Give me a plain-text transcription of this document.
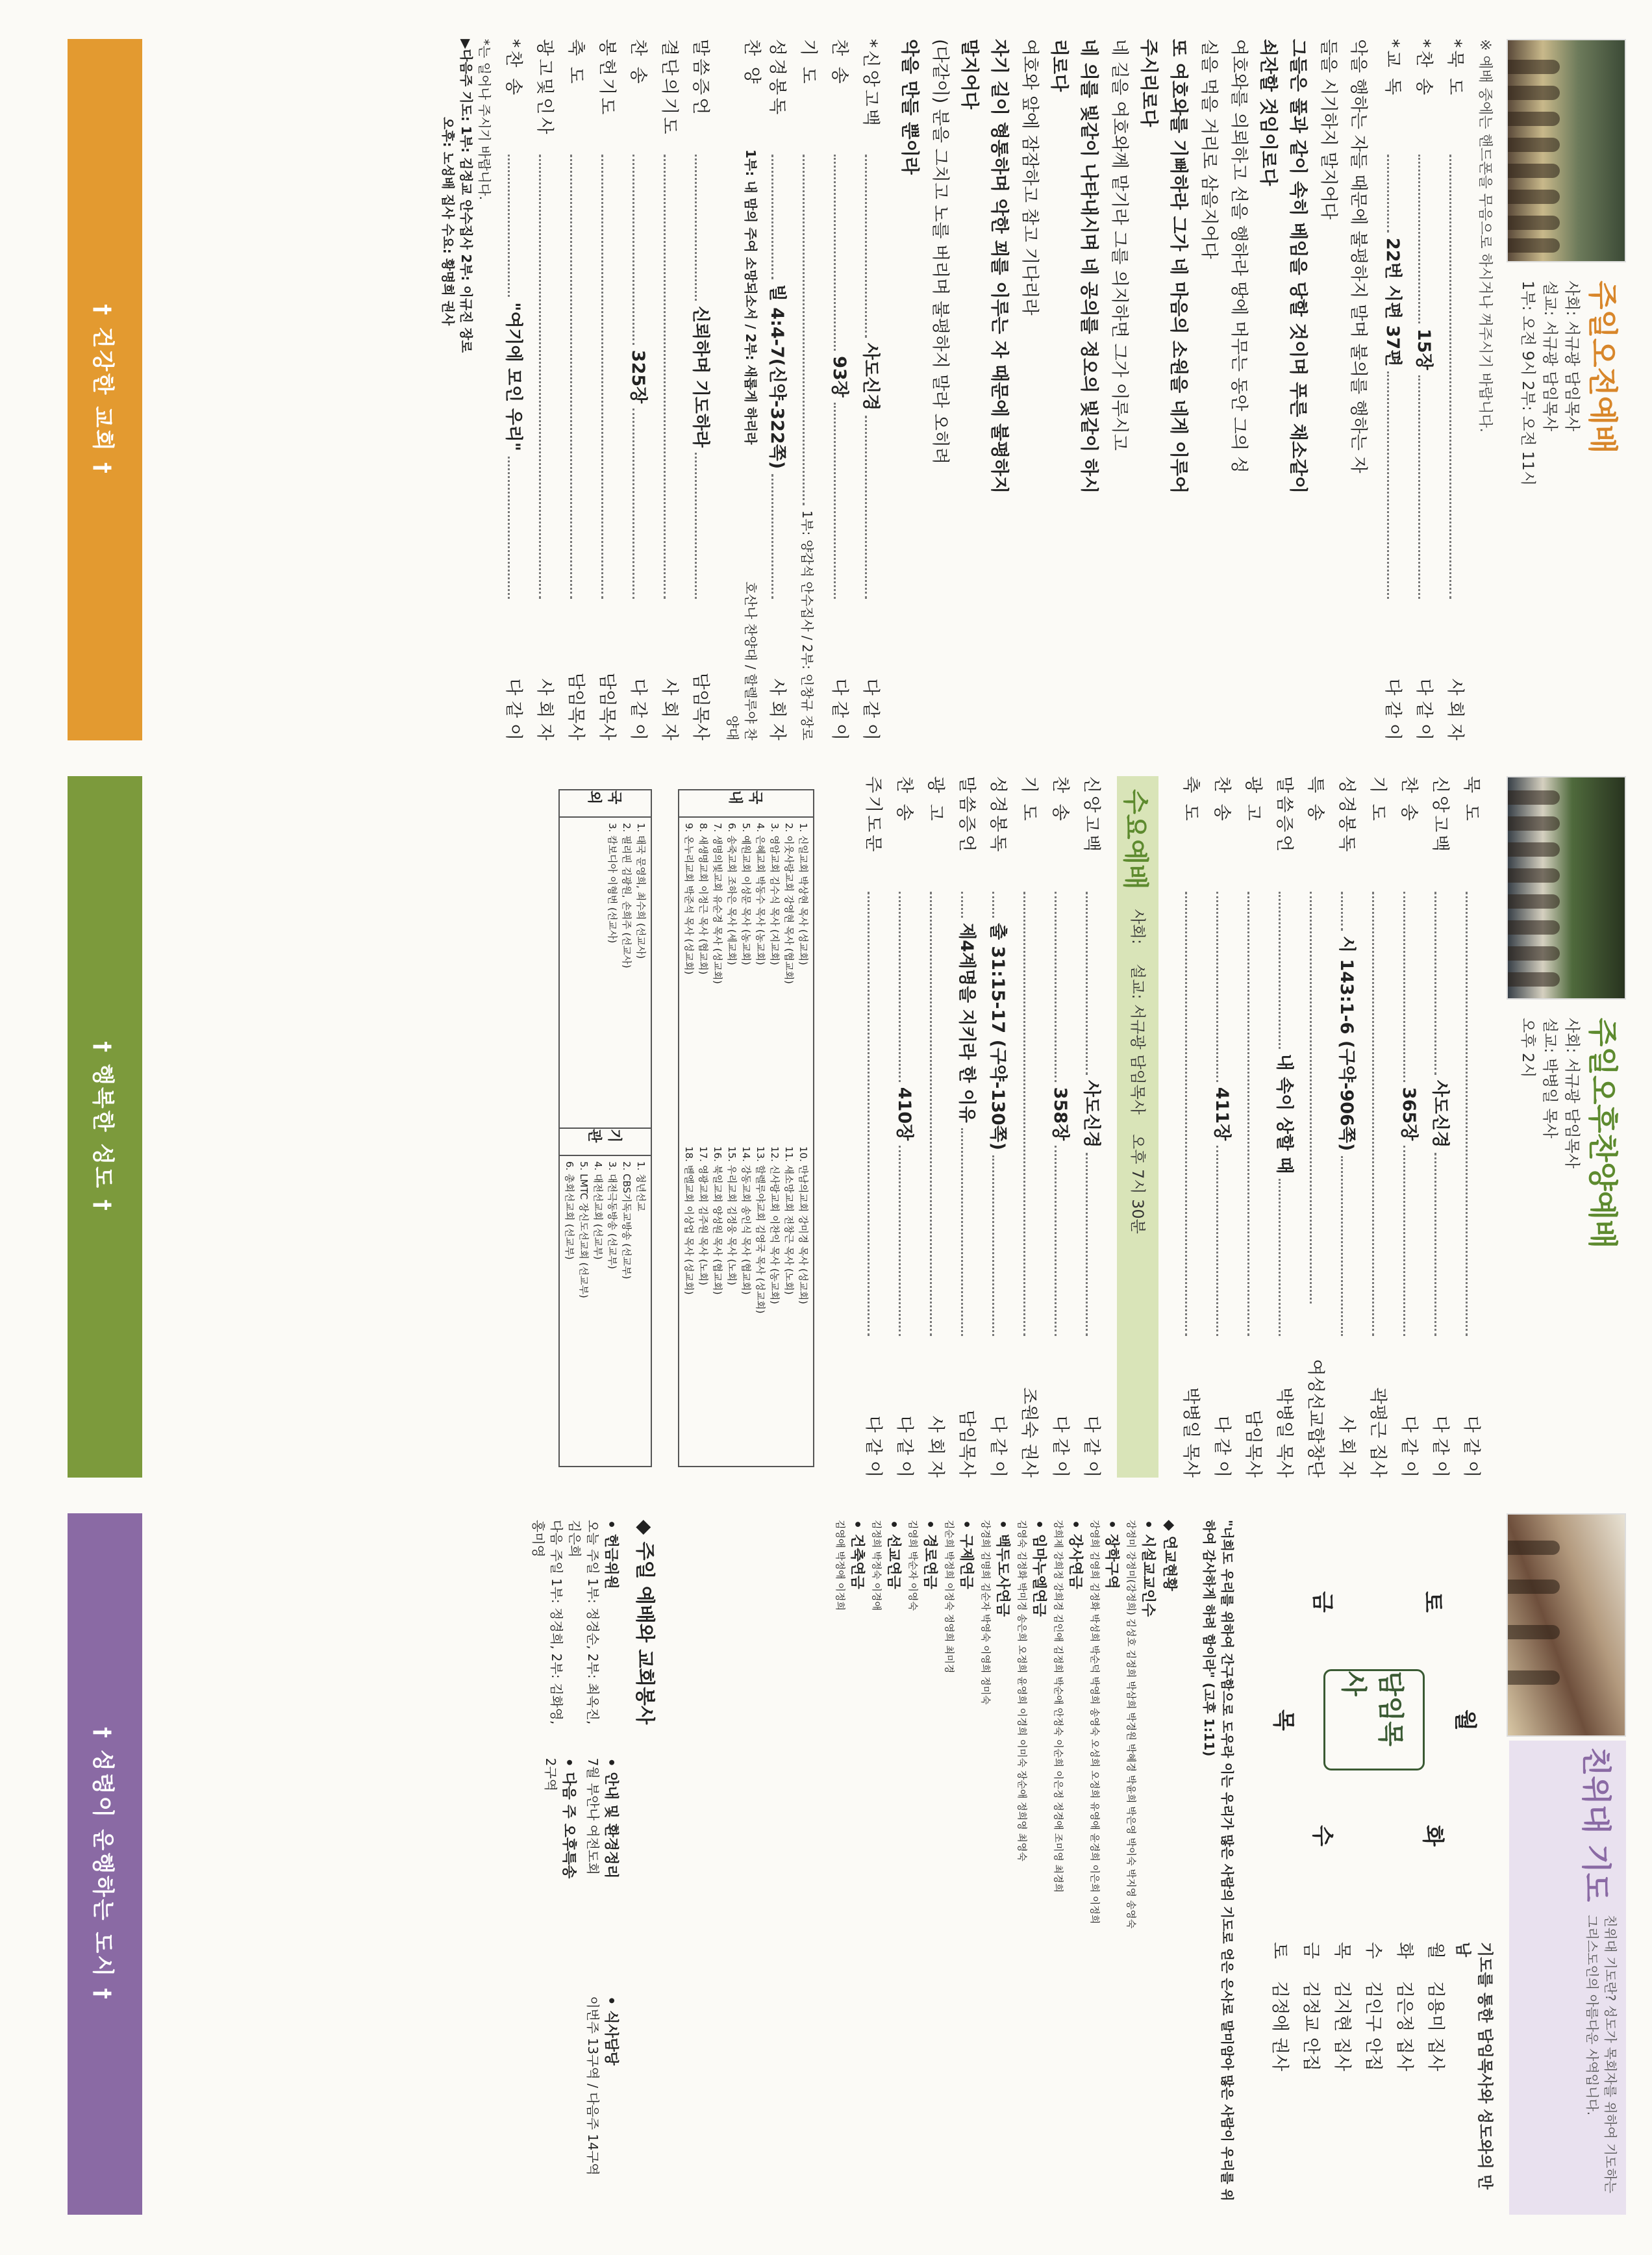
주일오전예배
사회: 서규광 담임목사
설교: 서규광 담임목사
1부: 오전 9시 2부: 오전 11시
※ 예배 중에는 핸드폰을 무음으로 하시거나 꺼주시기 바랍니다.
*묵 도
사 회 자
*찬 송
15장
다 같 이
*교 독
22번 시편 37편
다 같 이
악을 행하는 자들 때문에 불평하지 말며 불의를 행하는 자
들을 시기하지 말지어다
그들은 풀과 같이 속히 베임을 당할 것이며 푸른 채소같이
쇠잔할 것임이로다
여호와를 의뢰하고 선을 행하라 땅에 머무는 동안 그의 성
실을 먹을 거리로 삼을지어다
또 여호와를 기뻐하라 그가 네 마음의 소원을 네게 이루어
주시리로다
네 길을 여호와께 맡기라 그를 의지하면 그가 이루시고
네 의를 빛같이 나타내시며 네 공의를 정오의 빛같이 하시
리로다
여호와 앞에 잠잠하고 참고 기다리라
자기 길이 형통하며 악한 꾀를 이루는 자 때문에 불평하지
말지어다
(다같이) 분을 그치고 노를 버리며 불평하지 말라 오히려
악을 만들 뿐이라
*신앙고백
사도신경
다 같 이
찬 송
93장
다 같 이
기 도
1부: 양갑석 안수집사 / 2부: 인창규 장로
성경봉독
빌 4:4-7(신약-322쪽)
사 회 자
찬 양
1부: 내 맘의 주여 소망되소서 / 2부: 새롭게 하리라
호산나 찬양대 / 할렐루야 찬양대
말씀증언
신뢰하며 기도하라
담임목사
결단의기도
사 회 자
찬 송
325장
다 같 이
봉헌기도
담임목사
축 도
담임목사
광고및인사
사 회 자
*찬 송
"여기에 모인 우리"
다 같 이
*는 일어나 주시기 바랍니다.
▶다음주 기도: 1부: 김정교 안수집사 2부: 이규진 장로
오후: 노성배 집사 수요: 황명희 권사
† 건강한 교회 †
주일오후찬양예배
사회: 서규광 담임목사
설교: 박병일 목사
오후 2시
묵 도
다 같 이
신앙고백
사도신경
다 같 이
찬 송
365장
다 같 이
기 도
곽평근 집사
성경봉독
시 143:1-6 (구약-906쪽)
사 회 자
특 송
여성선교합창단
말씀증언
내 속이 상할 때
박병일 목사
광 고
담임목사
찬 송
411장
다 같 이
축 도
박병일 목사
수요예배
사회:
설교: 서규광 담임목사
오후 7시 30분
신앙고백
사도신경
다 같 이
찬 송
358장
다 같 이
기 도
조원숙 권사
성경봉독
출 31:15-17 (구약-130쪽)
다 같 이
말씀증언
제4계명을 지키라 한 이유
담임목사
광 고
사 회 자
찬 송
410장
다 같 이
주기도문
다 같 이
국내
1. 신일교회 박상현 목사 (성교회)
2. 이웃사랑교회 강영현 목사 (협교회)
3. 영암교회 김수식 목사 (지교회)
4. 은혜교회 박동수 목사 (농교회)
5. 예원교회 이성문 목사 (농교회)
6. 송죽교회 조하은 목사 (세교회)
7. 생명의빛교회 유순경 목사 (성교회)
8. 새생명교회 이정근 목사 (협교회)
9. 온누리교회 박준석 목사 (성교회)
10. 만남의교회 강미경 목사 (성교회)
11. 새소망교회 전창근 목사 (노회)
12. 신사랑교회 이찬익 목사 (농교회)
13. 할렐루야교회 김영국 목사 (성교회)
14. 강동교회 송인식 목사 (협교회)
15. 우리교회 김정웅 목사 (노회)
16. 북일교회 양성원 목사 (협교회)
17. 영광교회 김주원 목사 (노회)
18. 벧엘교회 이상업 목사 (성교회)
국외
1. 태국 문영희, 최수희 (선교사)
2. 필리핀 김광원, 손희주 (선교사)
3. 캄보디아 이형번 (선교사)
기관
1. 청년선교
2. CBS기독교방송 (선교부)
3. 대전극동방송 (선교부)
4. 대전선교회 (선교부)
5. LMTC 장신도선교회 (선교부)
6. 총회선교회 (선교부)
† 행복한 성도 †
친위대 기도
친위대 기도란? 성도가 목회자를 위하여 기도하는 그리스도인의 아름다운 사역입니다.
기도를 통한 담임목사와 성도와의 만남
월
김용미 집사
화
김은정 집사
수
김인구 안집
목
김지현 집사
금
김정교 안집
토
김정애 권사
담임목사
월
화
수
목
금	토
"너희도 우리를 위하여 간구함으로 도우라 이는 우리가 많은 사람의 기도로 얻은 은사로 말미암아 많은 사람이 우리를 위하여 감사하게 하려 함이라" (고후 1:11)
◆ 연교현황
• 시설교교인수
강정미 강정미(강정희) 김성호 김정희 박삼희 박경원 박혜경 박윤희 박은영 박이숙 박지영 송영숙
• 장학구역
강영희 김영희 김정화 박성희 박순덕 박영희 송영숙 오성희 오정희 유영애 윤경희 이은희 이정희
• 강사연금
강희제 강희정 강희경 김인애 김정희 박순애 안정숙 이순희 이은정 정경애 조미영 최경희
• 임마누엘연금
김영숙 김정화 박미경 송은희 오정희 윤영희 이경희 이미숙 장순애 정희영 최영숙
• 백두도사연금
강경희 김명희 김순자 박영숙 이영희 정미숙
• 구제연금
김순희 박정희 이정숙 정영희 최미경
• 경로연금
김영희 박순자 이영숙
• 선교연금
김정희 박정숙 이경애
• 건축연금
김영애 박정애 이정희
◆ 주일 예배와 교회봉사
• 헌금위원
오늘 주일 1부: 정경순, 2부: 최옥진, 김은희
다음 주일 1부: 정경희, 2부: 김화영, 홍미영
• 안내 및 환경정리
7월 부안나 여전도회
• 다음 주 오후특송
2구역
• 식사담당
이번주 13구역 / 다음주 14구역
† 성령이 운행하는 도시 †
